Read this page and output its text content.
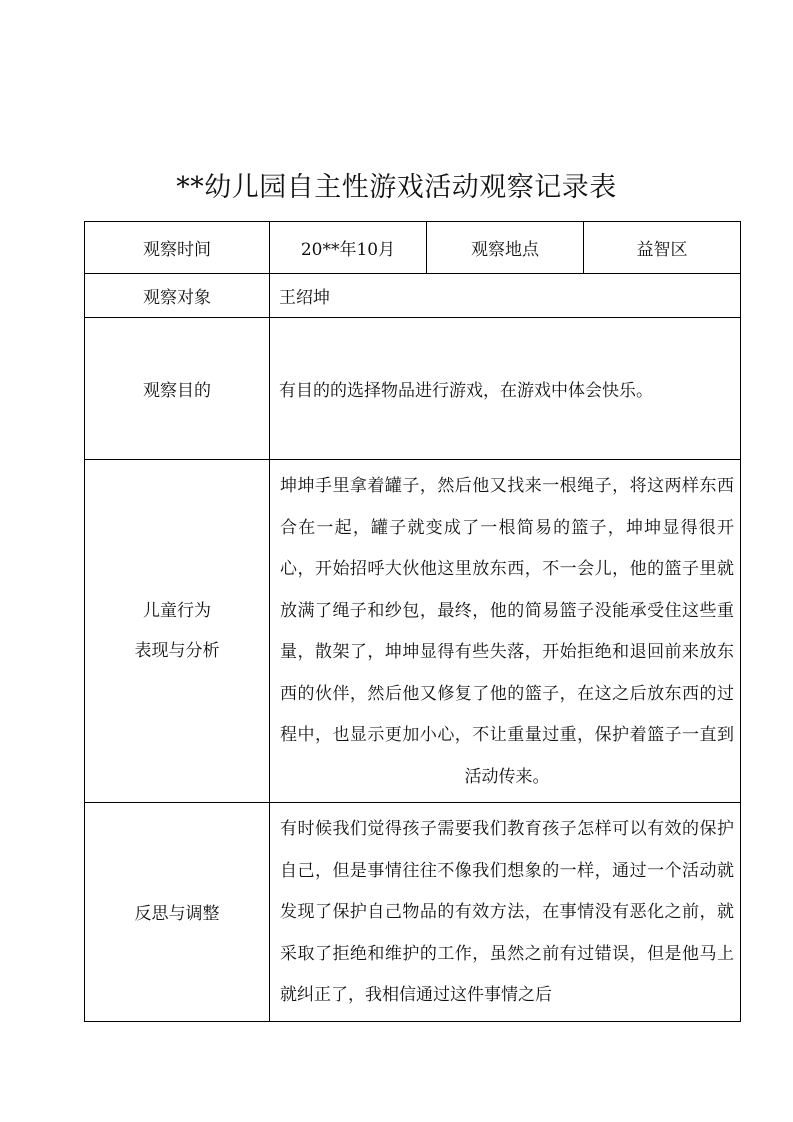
**幼儿园自主性游戏活动观察记录表
观察时间	20**年10月	观察地点	益智区
观察对象	王绍坤		
观察目的	有目的的选择物品进行游戏，在游戏中体会快乐。		

儿童行为
表现与分析	坤坤手里拿着罐子，然后他又找来一根绳子，将这两样东西合在一起，罐子就变成了一根简易的篮子，坤坤显得很开心，开始招呼大伙他这里放东西，不一会儿，他的篮子里就放满了绳子和纱包，最终，他的简易篮子没能承受住这些重量，散架了，坤坤显得有些失落，开始拒绝和退回前来放东西的伙伴，然后他又修复了他的篮子，在这之后放东西的过程中，也显示更加小心，不让重量过重，保护着篮子一直到活动传来。		
反思与调整	有时候我们觉得孩子需要我们教育孩子怎样可以有效的保护自己，但是事情往往不像我们想象的一样，通过一个活动就发现了保护自己物品的有效方法，在事情没有恶化之前，就采取了拒绝和维护的工作，虽然之前有过错误，但是他马上就纠正了，我相信通过这件事情之后		
